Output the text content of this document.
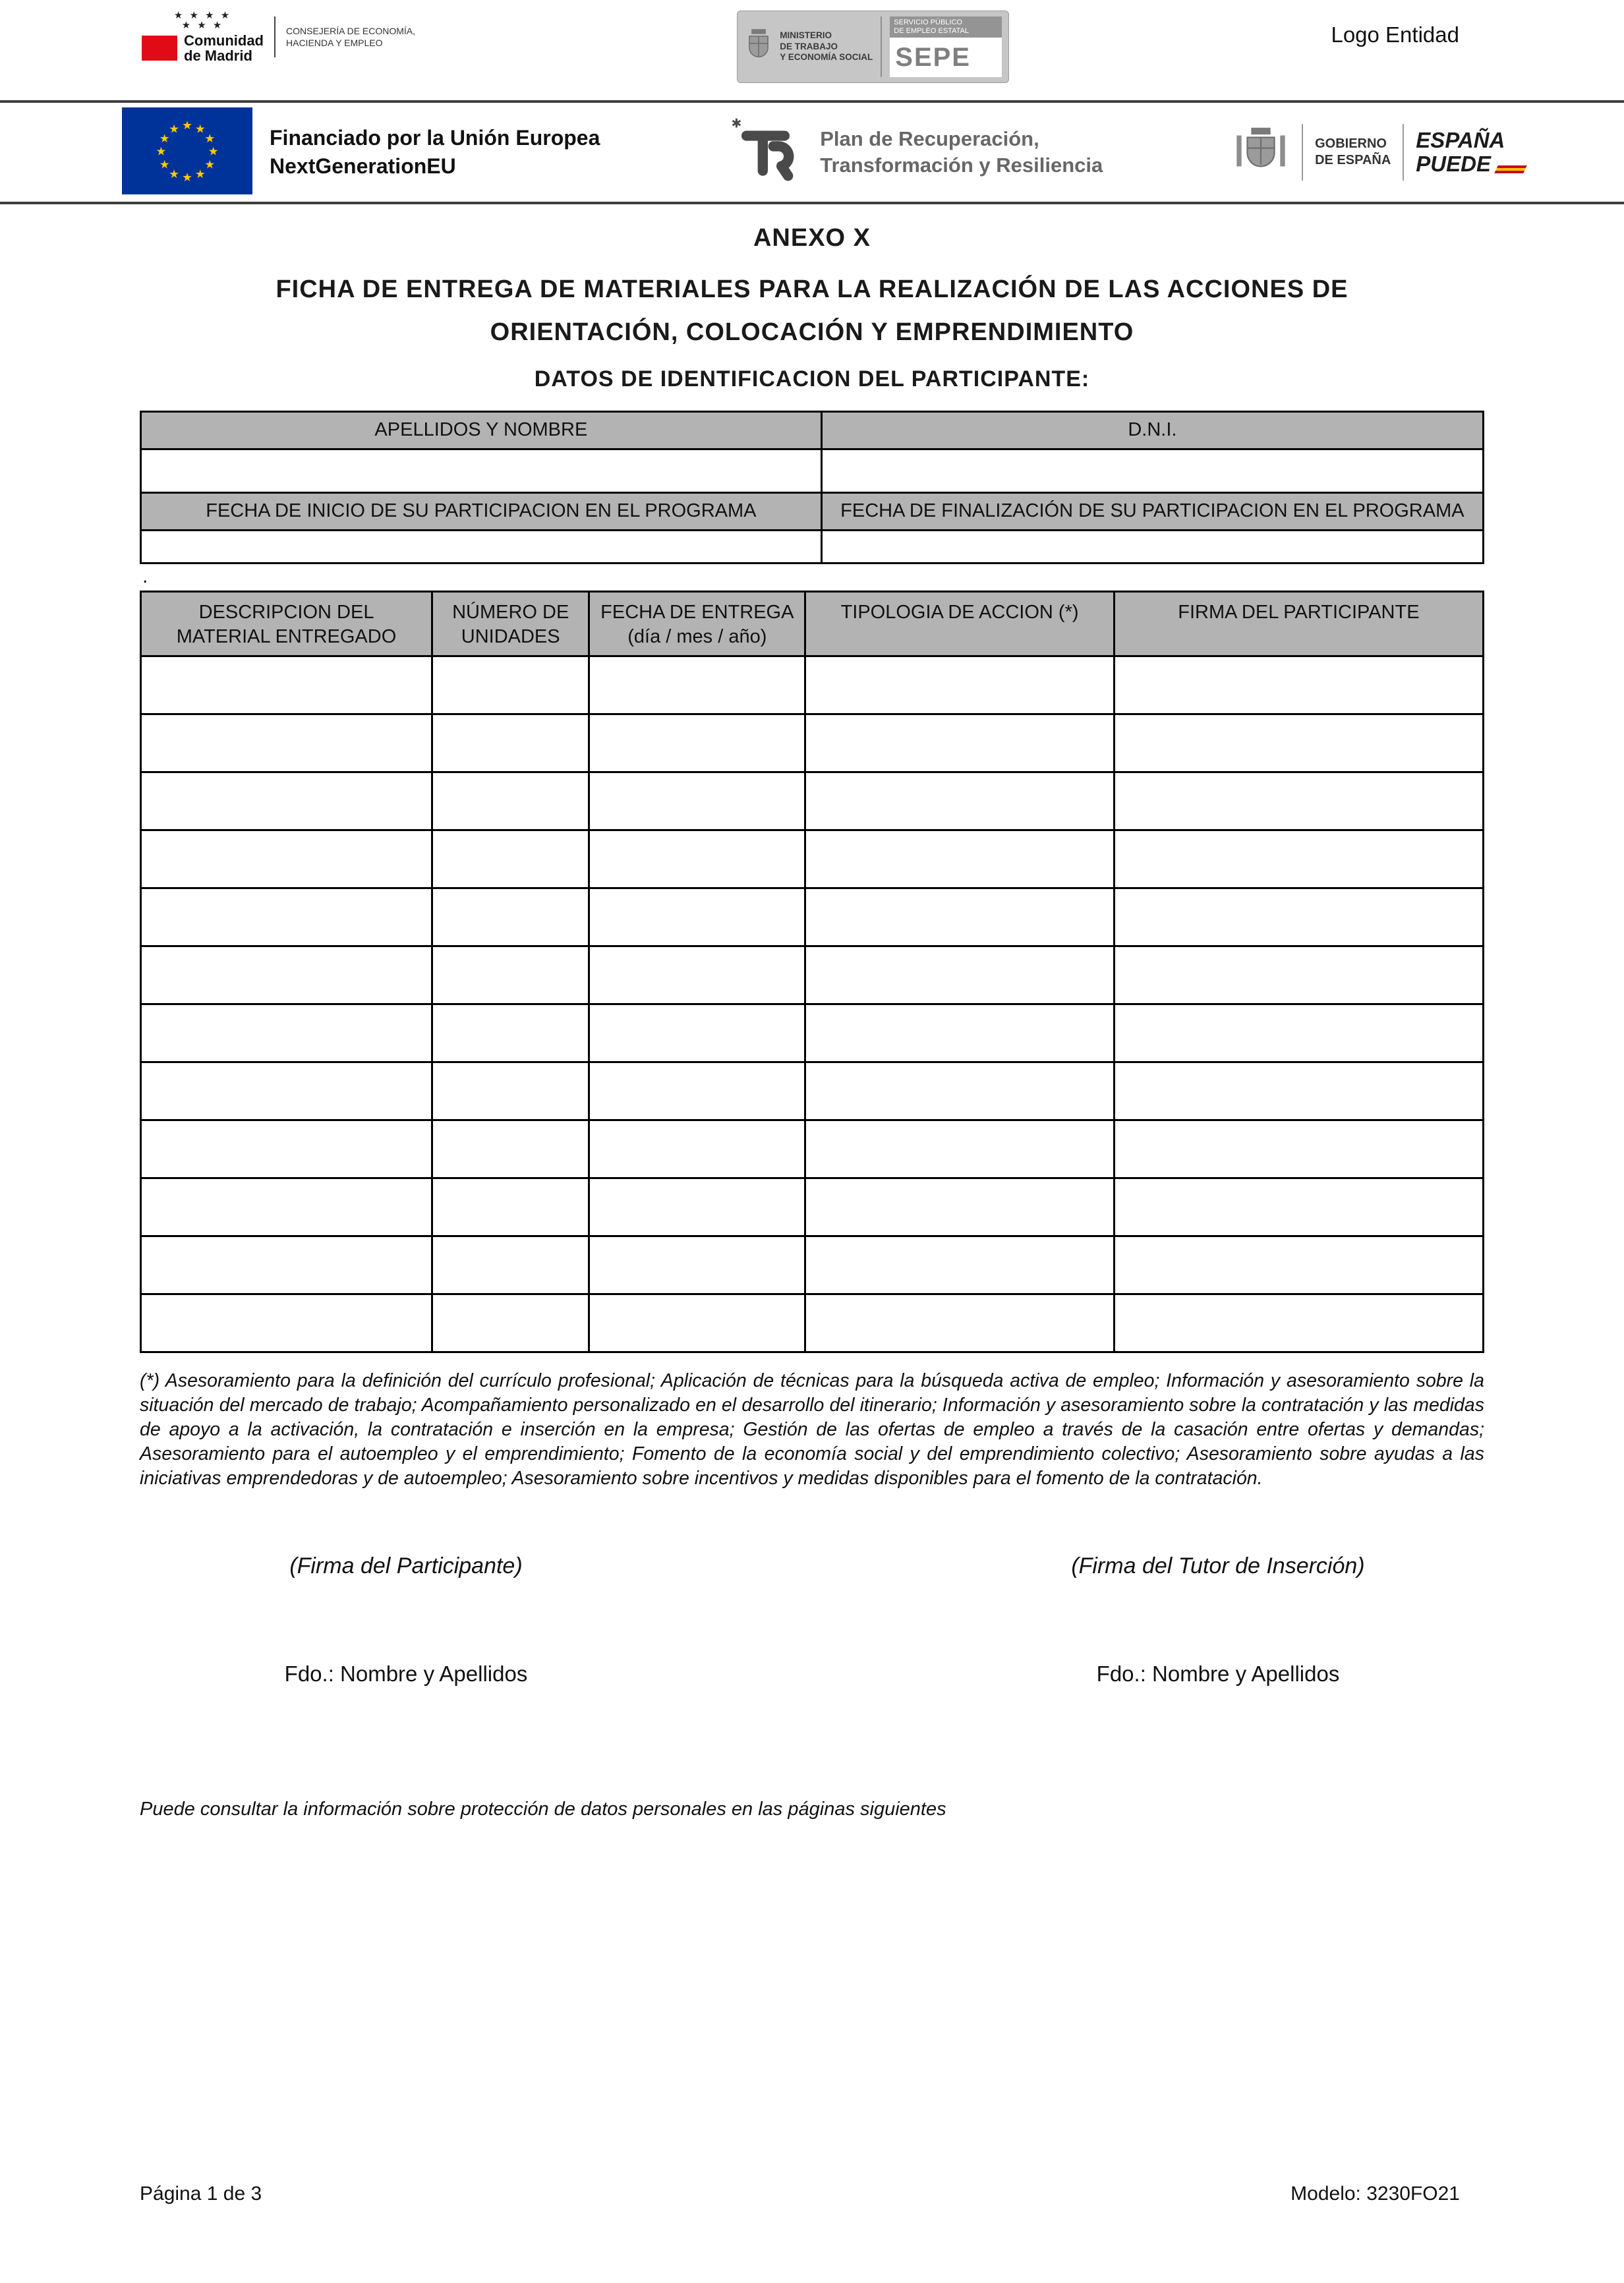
★ ★ ★ ★
★ ★ ★
Comunidad
de Madrid
CONSEJERÍA DE ECONOMÍA,
HACIENDA Y EMPLEO
MINISTERIO
DE TRABAJO
Y ECONOMÍA SOCIAL
SERVICIO PÚBLICO
DE EMPLEO ESTATAL
SEPE
Logo Entidad
★ ★
★
★
★
★
★
★
★
★
★
★	Financiado por la Unión Europea
NextGenerationEU
✱
Plan de Recuperación,
Transformación y Resiliencia
GOBIERNO
DE ESPAÑA
ESPAÑA
PUEDE
ANEXO X
FICHA DE ENTREGA DE MATERIALES PARA LA REALIZACIÓN DE LAS ACCIONES DE
ORIENTACIÓN, COLOCACIÓN Y EMPRENDIMIENTO
DATOS DE IDENTIFICACION DEL PARTICIPANTE:
APELLIDOS Y NOMBRE	D.N.I.

FECHA DE INICIO DE SU PARTICIPACION EN EL PROGRAMA	FECHA DE FINALIZACIÓN DE SU PARTICIPACION EN EL PROGRAMA

.
DESCRIPCION DEL MATERIAL ENTREGADO	NÚMERO DE UNIDADES	FECHA DE ENTREGA (día / mes / año)	TIPOLOGIA DE ACCION (*)	FIRMA DEL PARTICIPANTE

(*) Asesoramiento para la definición del currículo profesional; Aplicación de técnicas para la búsqueda activa de empleo; Información y asesoramiento sobre la situación del mercado de trabajo; Acompañamiento personalizado en el desarrollo del itinerario; Información y asesoramiento sobre la contratación y las medidas de apoyo a la activación, la contratación e inserción en la empresa; Gestión de las ofertas de empleo a través de la casación entre ofertas y demandas; Asesoramiento para el autoempleo y el emprendimiento; Fomento de la economía social y del emprendimiento colectivo; Asesoramiento sobre ayudas a las iniciativas emprendedoras y de autoempleo; Asesoramiento sobre incentivos y medidas disponibles para el fomento de la contratación.
(Firma del Participante)	(Firma del Tutor de Inserción)
Fdo.: Nombre y Apellidos	Fdo.: Nombre y Apellidos
Puede consultar la información sobre protección de datos personales en las páginas siguientes
Página 1 de 3	Modelo: 3230FO21
